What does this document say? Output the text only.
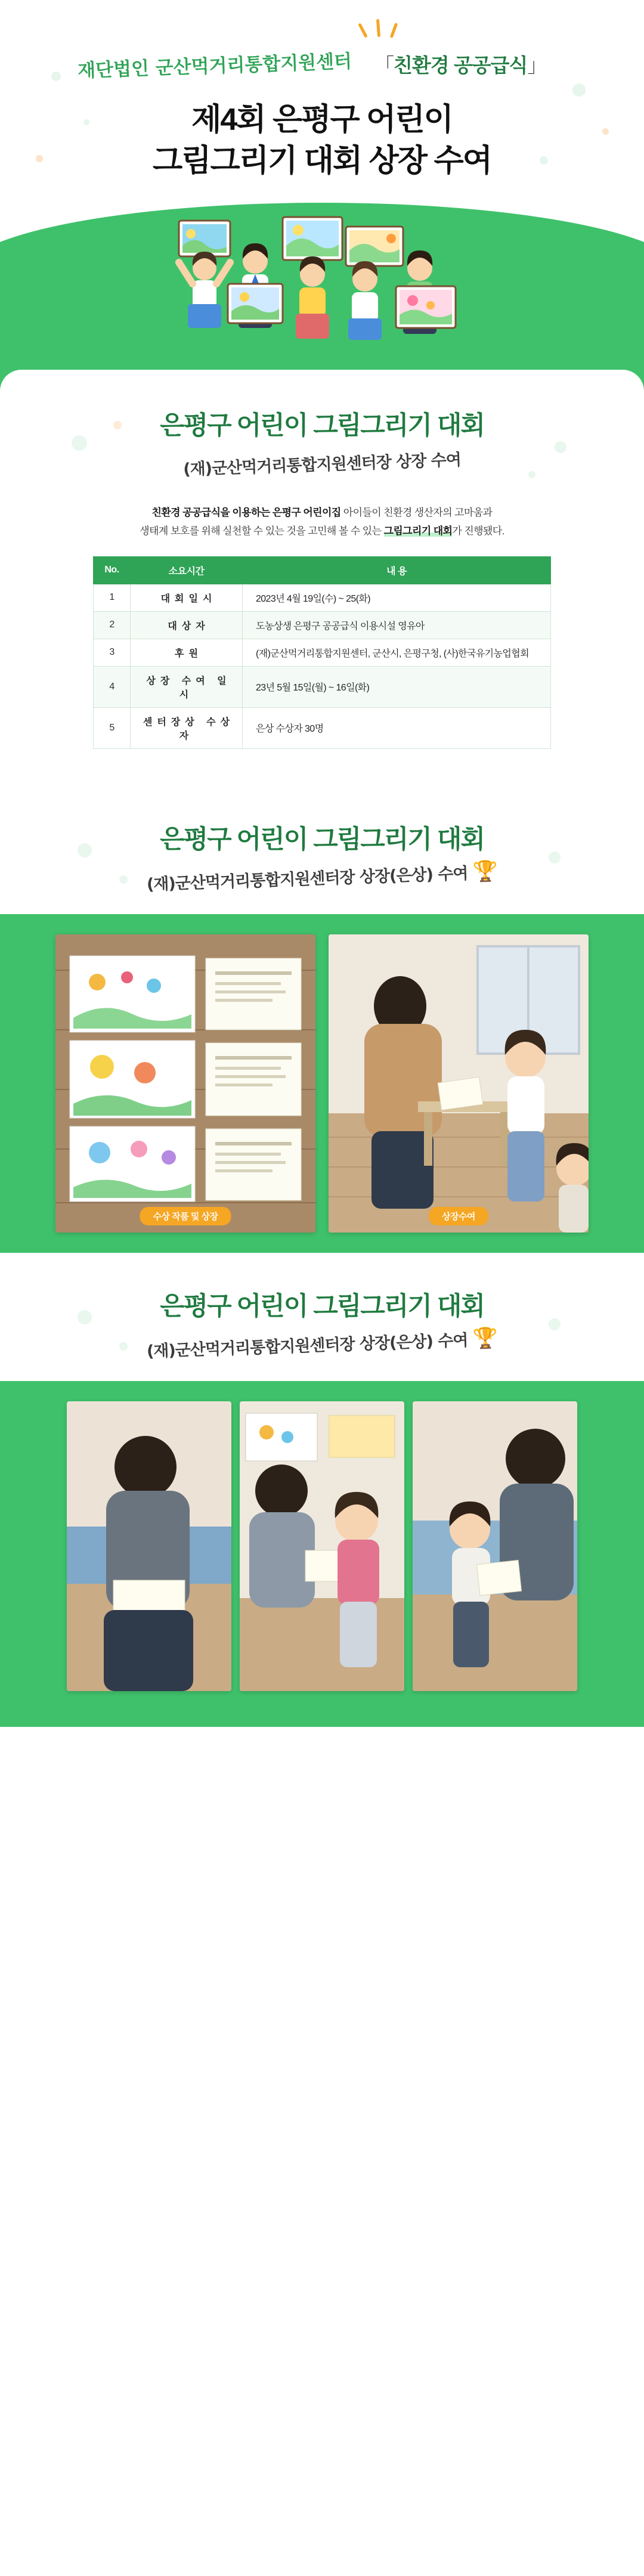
재단법인 군산먹거리통합지원센터 「친환경 공공급식」
제4회 은평구 어린이
그림그리기 대회 상장 수여
은평구 어린이 그림그리기 대회
(재)군산먹거리통합지원센터장 상장 수여

친환경 공공급식을 이용하는 은평구 어린이집 아이들이 친환경 생산자의 고마움과
생태계 보호를 위해 실천할 수 있는 것을 고민해 볼 수 있는 그림그리기 대회가 진행됐다.

No.	소요시간	내 용
1	대회일시	2023년 4월 19일(수) ~ 25(화)
2	대상자	도농상생 은평구 공공급식 이용시설 영유아
3	후원	(재)군산먹거리통합지원센터, 군산시, 은평구청, (사)한국유기농업협회
4	상장 수여 일시	23년 5월 15일(월) ~ 16일(화)
5	센터장상 수상자	은상 수상자 30명
은평구 어린이 그림그리기 대회
(재)군산먹거리통합지원센터장 상장(은상) 수여 🏆
수상 작품 및 상장	상장수여
은평구 어린이 그림그리기 대회
(재)군산먹거리통합지원센터장 상장(은상) 수여 🏆
